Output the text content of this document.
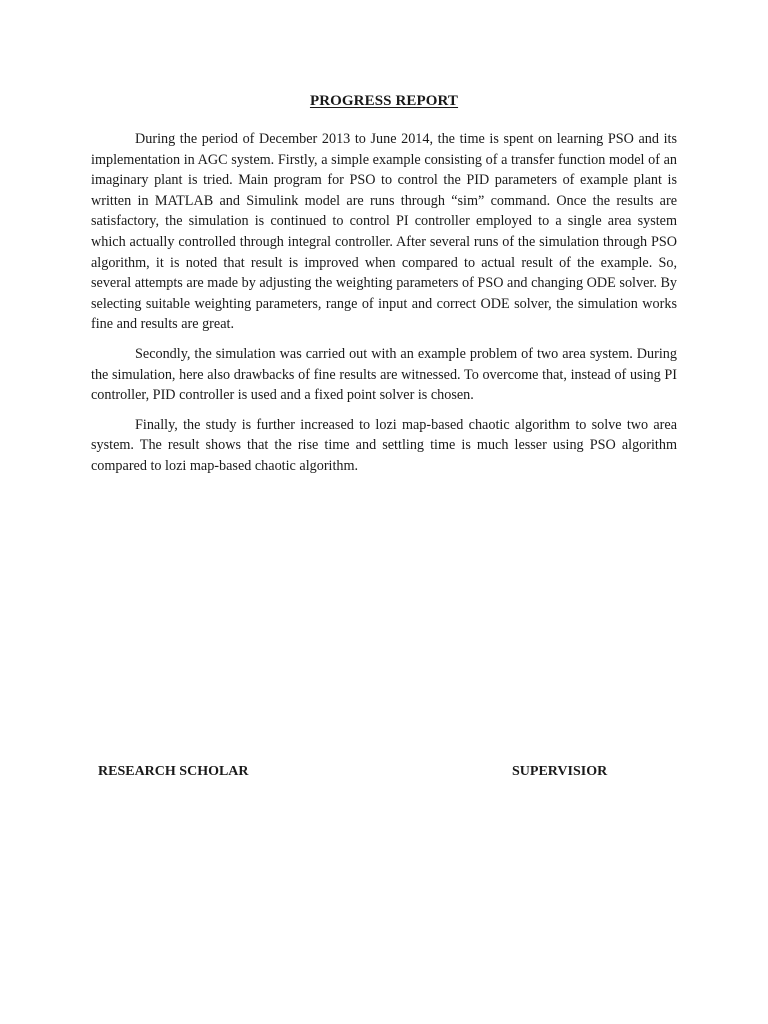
PROGRESS REPORT

During the period of December 2013 to June 2014, the time is spent on learning PSO and its implementation in AGC system. Firstly, a simple example consisting of a transfer function model of an imaginary plant is tried. Main program for PSO to control the PID parameters of example plant is written in MATLAB and Simulink model are runs through “sim” command. Once the results are satisfactory, the simulation is continued to control PI controller employed to a single area system which actually controlled through integral controller. After several runs of the simulation through PSO algorithm, it is noted that result is improved when compared to actual result of the example. So, several attempts are made by adjusting the weighting parameters of PSO and changing ODE solver. By selecting suitable weighting parameters, range of input and correct ODE solver, the simulation works fine and results are great.

Secondly, the simulation was carried out with an example problem of two area system. During the simulation, here also drawbacks of fine results are witnessed. To overcome that, instead of using PI controller, PID controller is used and a fixed point solver is chosen.

Finally, the study is further increased to lozi map-based chaotic algorithm to solve two area system. The result shows that the rise time and settling time is much lesser using PSO algorithm compared to lozi map-based chaotic algorithm.

RESEARCH SCHOLAR	SUPERVISIOR
